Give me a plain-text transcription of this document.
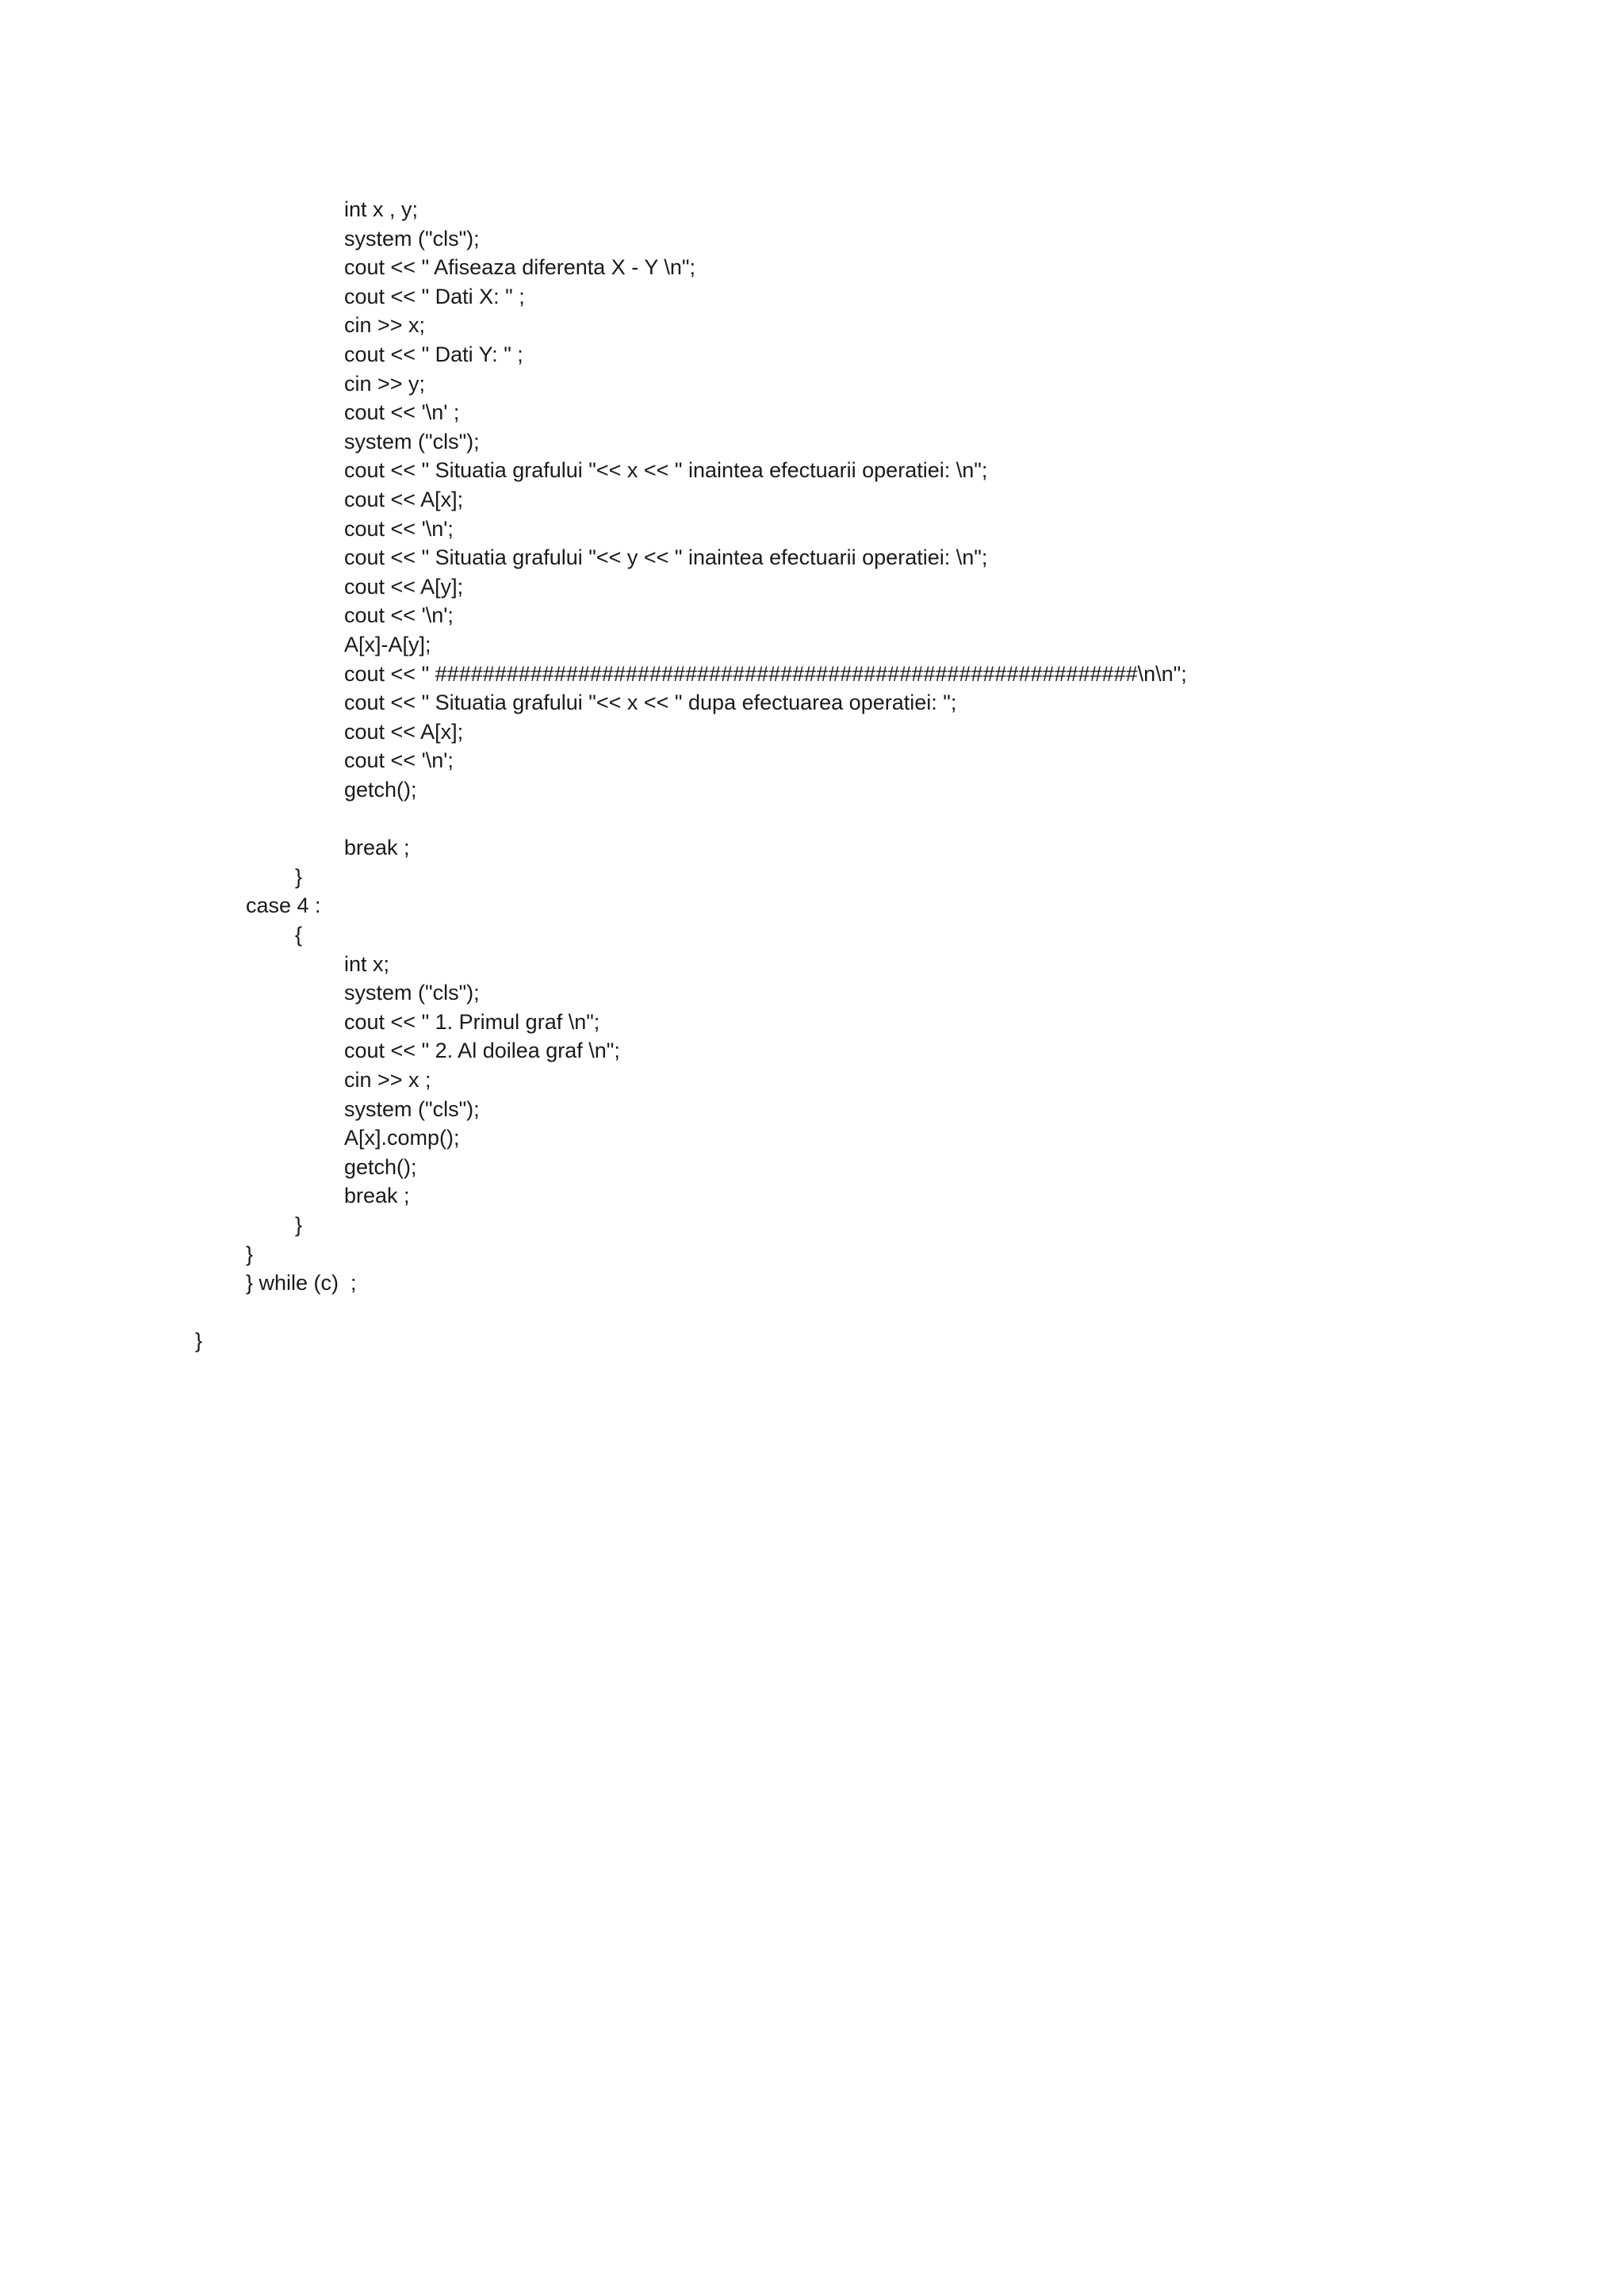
int x , y;
system ("cls");
cout << " Afiseaza diferenta X - Y \n";
cout << " Dati X: " ;
cin >> x;
cout << " Dati Y: " ;
cin >> y;
cout << '\n' ;
system ("cls");
cout << " Situatia grafului "<< x << " inaintea efectuarii operatiei: \n";
cout << A[x];
cout << '\n';
cout << " Situatia grafului "<< y << " inaintea efectuarii operatiei: \n";
cout << A[y];
cout << '\n';
A[x]-A[y];
cout << " ###########################################################\n\n";
cout << " Situatia grafului "<< x << " dupa efectuarea operatiei: ";
cout << A[x];
cout << '\n';
getch();
break ;
}
case 4 :
{
int x;
system ("cls");
cout << " 1. Primul graf \n";
cout << " 2. Al doilea graf \n";
cin >> x ;
system ("cls");
A[x].comp();
getch();
break ;
}
}
} while (c)  ;
}
